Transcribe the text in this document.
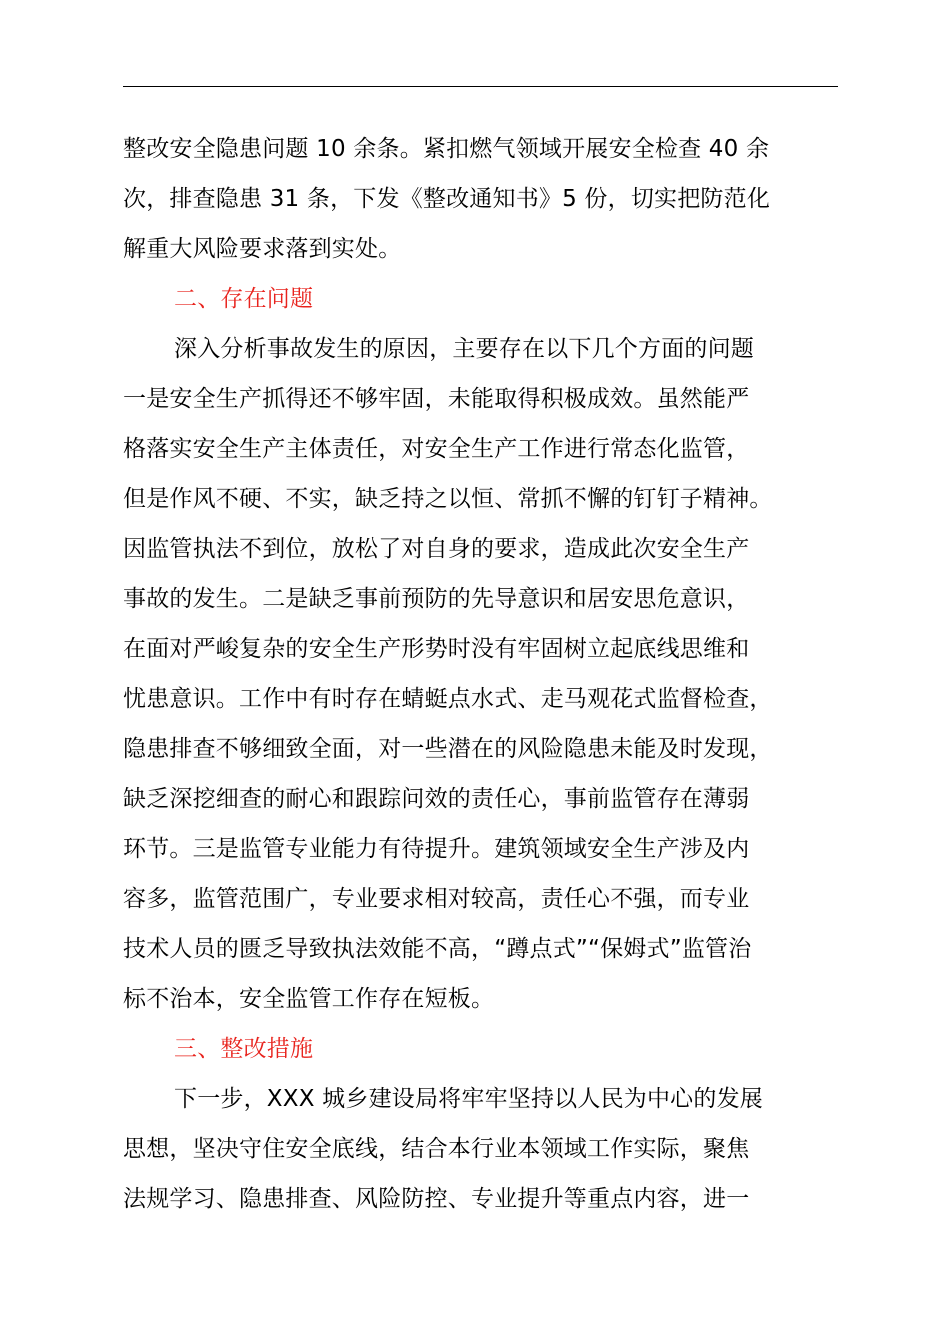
整改安全隐患问题 10 余条。紧扣燃气领域开展安全检查 40 余
次，排查隐患 31 条，下发《整改通知书》5 份，切实把防范化
解重大风险要求落到实处。
二、存在问题
深入分析事故发生的原因，主要存在以下几个方面的问题
一是安全生产抓得还不够牢固，未能取得积极成效。虽然能严
格落实安全生产主体责任，对安全生产工作进行常态化监管，
但是作风不硬、不实，缺乏持之以恒、常抓不懈的钉钉子精神。
因监管执法不到位，放松了对自身的要求，造成此次安全生产
事故的发生。二是缺乏事前预防的先导意识和居安思危意识，
在面对严峻复杂的安全生产形势时没有牢固树立起底线思维和
忧患意识。工作中有时存在蜻蜓点水式、走马观花式监督检查，
隐患排查不够细致全面，对一些潜在的风险隐患未能及时发现，
缺乏深挖细查的耐心和跟踪问效的责任心，事前监管存在薄弱
环节。三是监管专业能力有待提升。建筑领域安全生产涉及内
容多，监管范围广，专业要求相对较高，责任心不强，而专业
技术人员的匮乏导致执法效能不高，“蹲点式”“保姆式”监管治
标不治本，安全监管工作存在短板。
三、整改措施
下一步，XXX 城乡建设局将牢牢坚持以人民为中心的发展
思想，坚决守住安全底线，结合本行业本领域工作实际，聚焦
法规学习、隐患排查、风险防控、专业提升等重点内容，进一
